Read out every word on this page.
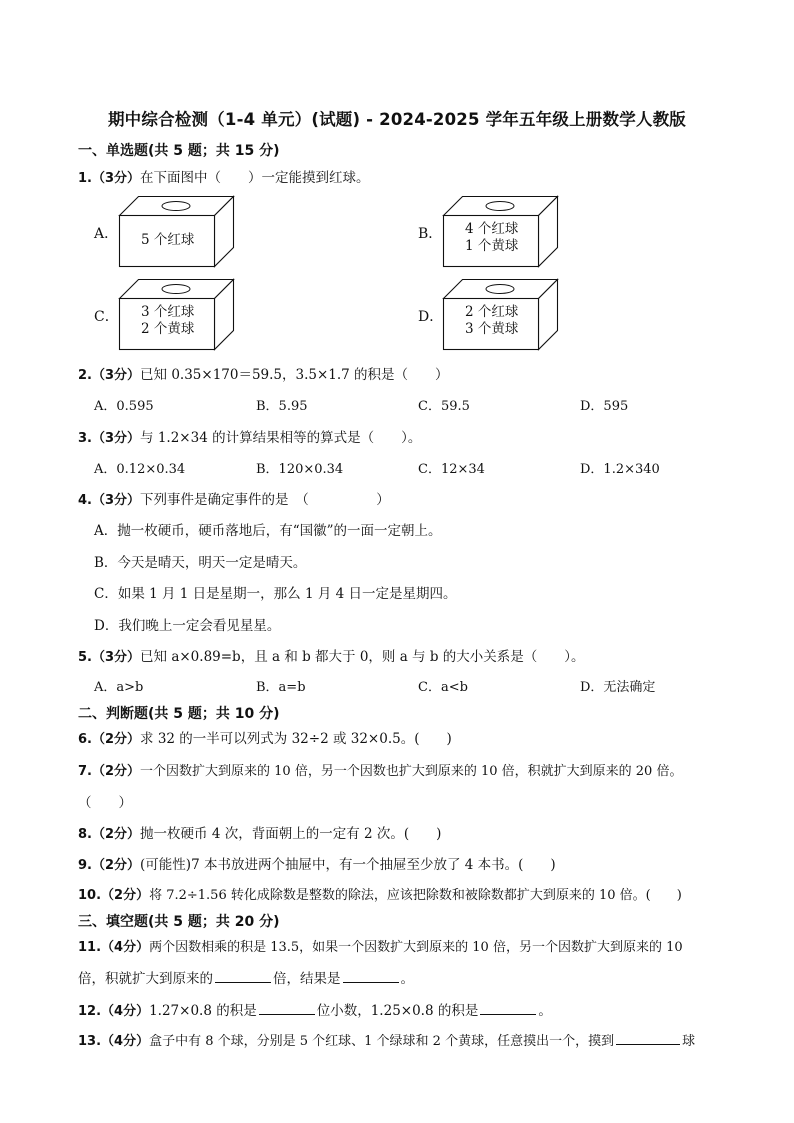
期中综合检测（1-4 单元）(试题) - 2024-2025 学年五年级上册数学人教版
一、单选题(共 5 题；共 15 分)
1.（3分）在下面图中（　　）一定能摸到红球。
A． 5 个红球	B． 4 个红球
1 个黄球
C． 3 个红球
2 个黄球
D． 2 个红球
3 个黄球
2.（3分）已知 0.35×170＝59.5，3.5×1.7 的积是（　　）
A．0.595	B．5.95	C．59.5	D．595
3.（3分）与 1.2×34 的计算结果相等的算式是（　　）。
A．0.12×0.34	B．120×0.34	C．12×34	D．1.2×340
4.（3分）下列事件是确定事件的是　（　　　　　）
A．抛一枚硬币，硬币落地后，有“国徽”的一面一定朝上。
B．今天是晴天，明天一定是晴天。
C．如果 1 月 1 日是星期一，那么 1 月 4 日一定是星期四。
D．我们晚上一定会看见星星。
5.（3分）已知 a×0.89=b，且 a 和 b 都大于 0，则 a 与 b 的大小关系是（　　）。
A．a>b	B．a=b	C．a<b	D．无法确定
二、判断题(共 5 题；共 10 分)
6.（2分）求 32 的一半可以列式为 32÷2 或 32×0.5。(　　)
7.（2分）一个因数扩大到原来的 10 倍，另一个因数也扩大到原来的 10 倍，积就扩大到原来的 20 倍。
（　　）
8.（2分）抛一枚硬币 4 次，背面朝上的一定有 2 次。(　　)
9.（2分）(可能性)7 本书放进两个抽屉中，有一个抽屉至少放了 4 本书。(　　)
10.（2分）将 7.2÷1.56 转化成除数是整数的除法，应该把除数和被除数都扩大到原来的 10 倍。(　　)
三、填空题(共 5 题；共 20 分)
11.（4分）两个因数相乘的积是 13.5，如果一个因数扩大到原来的 10 倍，另一个因数扩大到原来的 10
倍，积就扩大到原来的	倍，结果是	。
12.（4分）1.27×0.8 的积是	位小数，1.25×0.8 的积是	。
13.（4分）盒子中有 8 个球，分别是 5 个红球、1 个绿球和 2 个黄球，任意摸出一个，摸到	球
